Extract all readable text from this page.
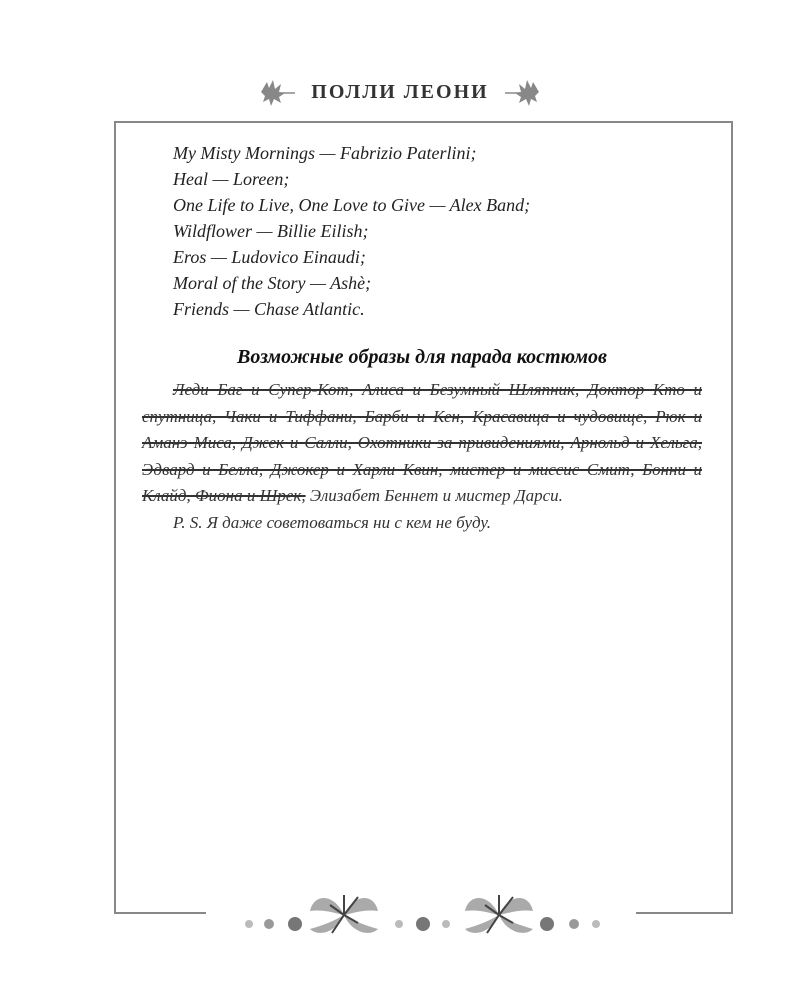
ПОЛЛИ ЛЕОНИ
My Misty Mornings — Fabrizio Paterlini;
Heal — Loreen;
One Life to Live, One Love to Give — Alex Band;
Wildflower — Billie Eilish;
Eros — Ludovico Einaudi;
Moral of the Story — Ashè;
Friends — Chase Atlantic.
Возможные образы для парада костюмов

Леди Баг и Супер-Кот, Алиса и Безумный Шляпник, Доктор Кто и спутница, Чаки и Тиффани, Барби и Кен, Красавица и чудовище, Рюк и Аманэ Миса, Джек и Салли, Охотники за привидениями, Арнольд и Хельга, Эдвард и Белла, Джокер и Харли Квин, мистер и миссис Смит, Бонни и Клайд, Фиона и Шрек, Элизабет Беннет и мистер Дарси.

P. S. Я даже советоваться ни с кем не буду.
